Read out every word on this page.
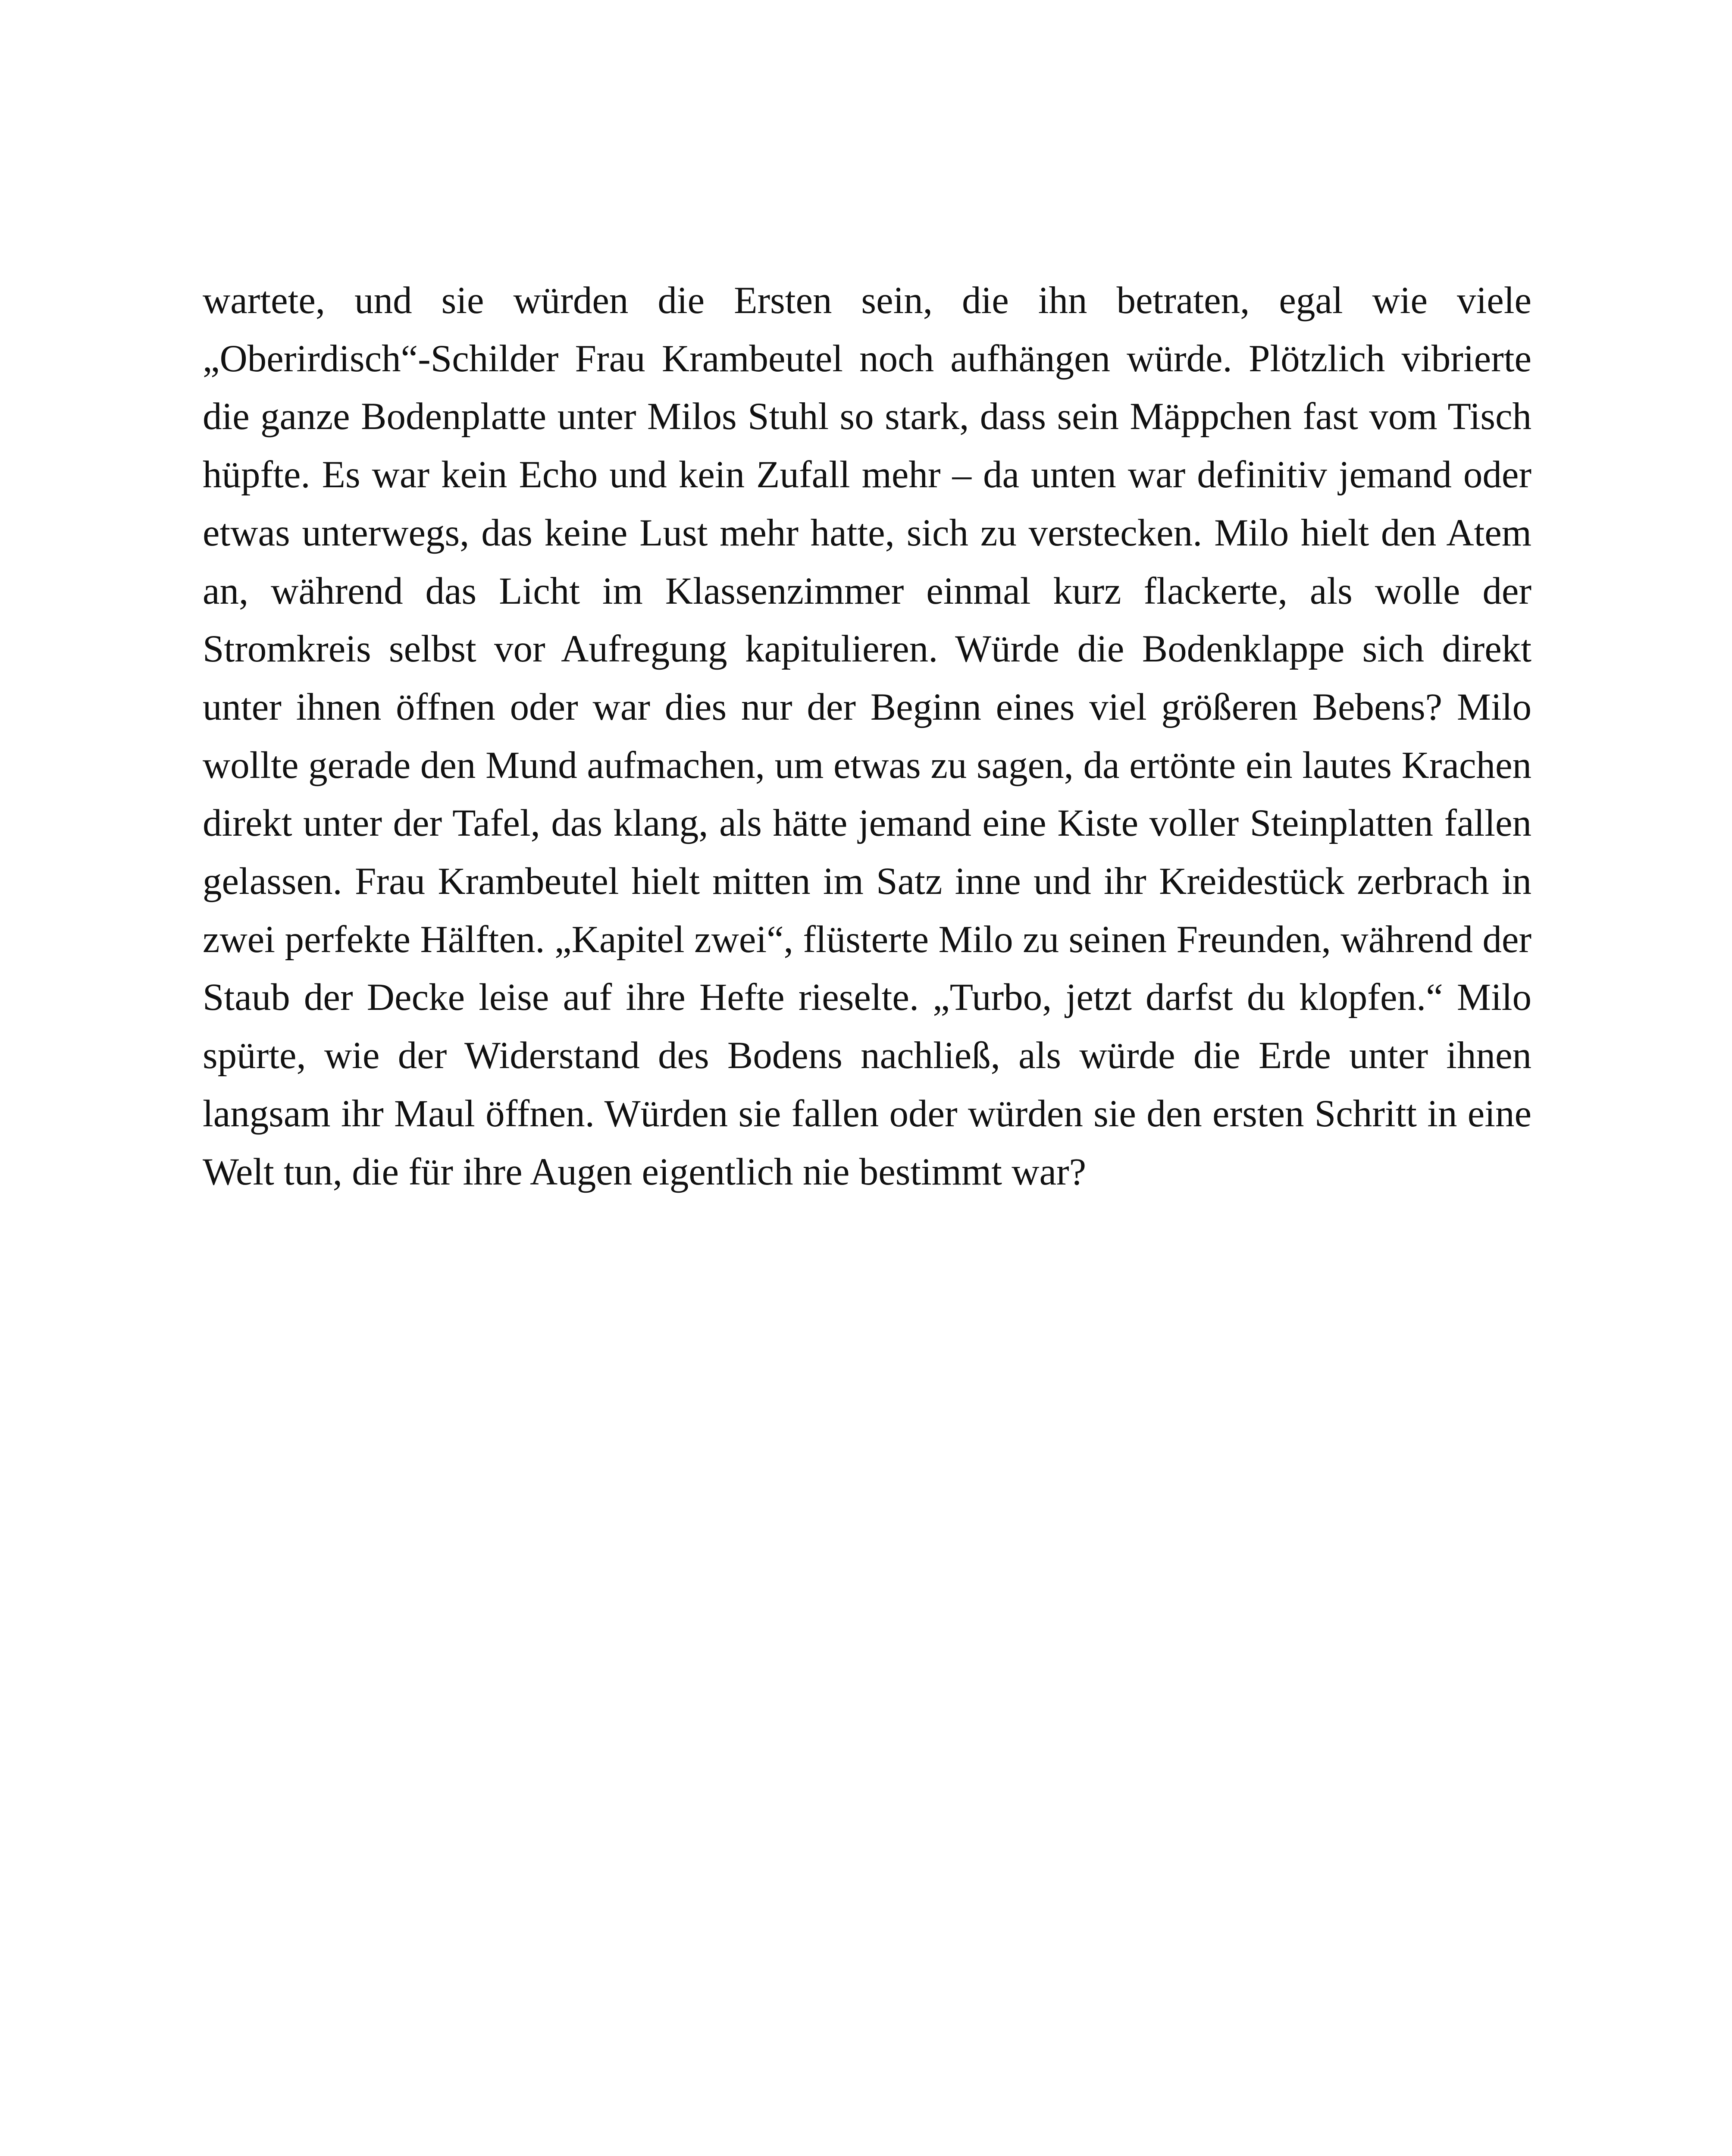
wartete, und sie würden die Ersten sein, die ihn betraten, egal wie viele „Oberirdisch“-Schilder Frau Krambeutel noch aufhängen würde. Plötzlich vibrierte die ganze Bodenplatte unter Milos Stuhl so stark, dass sein Mäppchen fast vom Tisch hüpfte. Es war kein Echo und kein Zufall mehr – da unten war definitiv jemand oder etwas unterwegs, das keine Lust mehr hatte, sich zu verstecken. Milo hielt den Atem an, während das Licht im Klassenzimmer einmal kurz flackerte, als wolle der Stromkreis selbst vor Aufregung kapitulieren. Würde die Bodenklappe sich direkt unter ihnen öffnen oder war dies nur der Beginn eines viel größeren Bebens? Milo wollte gerade den Mund aufmachen, um etwas zu sagen, da ertönte ein lautes Krachen direkt unter der Tafel, das klang, als hätte jemand eine Kiste voller Steinplatten fallen gelassen. Frau Krambeutel hielt mitten im Satz inne und ihr Kreidestück zerbrach in zwei perfekte Hälften. „Kapitel zwei“, flüsterte Milo zu seinen Freunden, während der Staub der Decke leise auf ihre Hefte rieselte. „Turbo, jetzt darfst du klopfen.“ Milo spürte, wie der Widerstand des Bodens nachließ, als würde die Erde unter ihnen langsam ihr Maul öffnen. Würden sie fallen oder würden sie den ersten Schritt in eine Welt tun, die für ihre Augen eigentlich nie bestimmt war?
